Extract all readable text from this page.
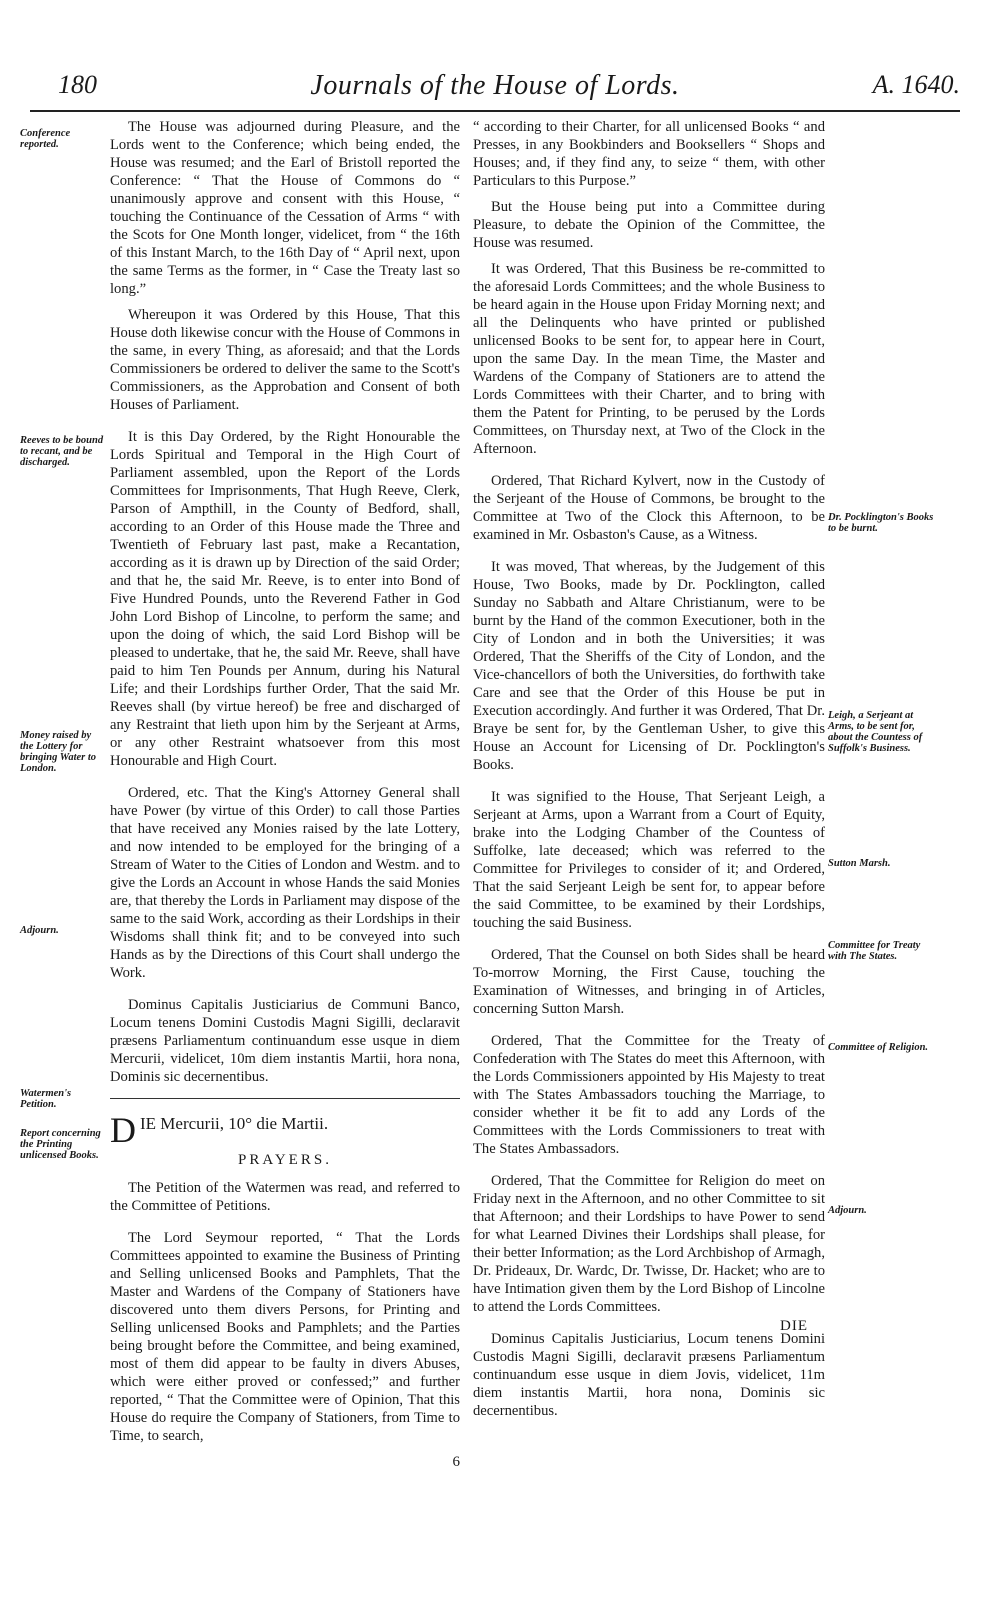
180	Journals of the House of Lords.	A. 1640.
Conference reported.
Reeves to be bound to recant, and be discharged.
Money raised by the Lottery for bringing Water to London.
Adjourn.
Watermen's Petition.
Report concerning the Printing unlicensed Books.
Dr. Pocklington's Books to be burnt.
Leigh, a Serjeant at Arms, to be sent for, about the Countess of Suffolk's Business.
Sutton Marsh.
Committee for Treaty with The States.
Committee of Religion.
Adjourn.

The House was adjourned during Pleasure, and the Lords went to the Conference; which being ended, the House was resumed; and the Earl of Bristoll reported the Conference: “ That the House of Commons do “ unanimously approve and consent with this House, “ touching the Continuance of the Cessation of Arms “ with the Scots for One Month longer, videlicet, from “ the 16th of this Instant March, to the 16th Day of “ April next, upon the same Terms as the former, in “ Case the Treaty last so long.”

Whereupon it was Ordered by this House, That this House doth likewise concur with the House of Commons in the same, in every Thing, as aforesaid; and that the Lords Commissioners be ordered to deliver the same to the Scott's Commissioners, as the Approbation and Consent of both Houses of Parliament.

It is this Day Ordered, by the Right Honourable the Lords Spiritual and Temporal in the High Court of Parliament assembled, upon the Report of the Lords Committees for Imprisonments, That Hugh Reeve, Clerk, Parson of Ampthill, in the County of Bedford, shall, according to an Order of this House made the Three and Twentieth of February last past, make a Recantation, according as it is drawn up by Direction of the said Order; and that he, the said Mr. Reeve, is to enter into Bond of Five Hundred Pounds, unto the Reverend Father in God John Lord Bishop of Lincolne, to perform the same; and upon the doing of which, the said Lord Bishop will be pleased to undertake, that he, the said Mr. Reeve, shall have paid to him Ten Pounds per Annum, during his Natural Life; and their Lordships further Order, That the said Mr. Reeves shall (by virtue hereof) be free and discharged of any Restraint that lieth upon him by the Serjeant at Arms, or any other Restraint whatsoever from this most Honourable and High Court.

Ordered, etc. That the King's Attorney General shall have Power (by virtue of this Order) to call those Parties that have received any Monies raised by the late Lottery, and now intended to be employed for the bringing of a Stream of Water to the Cities of London and Westm. and to give the Lords an Account in whose Hands the said Monies are, that thereby the Lords in Parliament may dispose of the same to the said Work, according as their Lordships in their Wisdoms shall think fit; and to be conveyed into such Hands as by the Directions of this Court shall undergo the Work.

Dominus Capitalis Justiciarius de Communi Banco, Locum tenens Domini Custodis Magni Sigilli, declaravit præsens Parliamentum continuandum esse usque in diem Mercurii, videlicet, 10m diem instantis Martii, hora nona, Dominis sic decernentibus.

D IE Mercurii, 10° die Martii.
PRAYERS.

The Petition of the Watermen was read, and referred to the Committee of Petitions.

The Lord Seymour reported, “ That the Lords Committees appointed to examine the Business of Printing and Selling unlicensed Books and Pamphlets, That the Master and Wardens of the Company of Stationers have discovered unto them divers Persons, for Printing and Selling unlicensed Books and Pamphlets; and the Parties being brought before the Committee, and being examined, most of them did appear to be faulty in divers Abuses, which were either proved or confessed;” and further reported, “ That the Committee were of Opinion, That this House do require the Company of Stationers, from Time to Time, to search,

6

“ according to their Charter, for all unlicensed Books “ and Presses, in any Bookbinders and Booksellers “ Shops and Houses; and, if they find any, to seize “ them, with other Particulars to this Purpose.”

But the House being put into a Committee during Pleasure, to debate the Opinion of the Committee, the House was resumed.

It was Ordered, That this Business be re-committed to the aforesaid Lords Committees; and the whole Business to be heard again in the House upon Friday Morning next; and all the Delinquents who have printed or published unlicensed Books to be sent for, to appear here in Court, upon the same Day. In the mean Time, the Master and Wardens of the Company of Stationers are to attend the Lords Committees with their Charter, and to bring with them the Patent for Printing, to be perused by the Lords Committees, on Thursday next, at Two of the Clock in the Afternoon.

Ordered, That Richard Kylvert, now in the Custody of the Serjeant of the House of Commons, be brought to the Committee at Two of the Clock this Afternoon, to be examined in Mr. Osbaston's Cause, as a Witness.

It was moved, That whereas, by the Judgement of this House, Two Books, made by Dr. Pocklington, called Sunday no Sabbath and Altare Christianum, were to be burnt by the Hand of the common Executioner, both in the City of London and in both the Universities; it was Ordered, That the Sheriffs of the City of London, and the Vice-chancellors of both the Universities, do forthwith take Care and see that the Order of this House be put in Execution accordingly. And further it was Ordered, That Dr. Braye be sent for, by the Gentleman Usher, to give this House an Account for Licensing of Dr. Pocklington's Books.

It was signified to the House, That Serjeant Leigh, a Serjeant at Arms, upon a Warrant from a Court of Equity, brake into the Lodging Chamber of the Countess of Suffolke, late deceased; which was referred to the Committee for Privileges to consider of it; and Ordered, That the said Serjeant Leigh be sent for, to appear before the said Committee, to be examined by their Lordships, touching the said Business.

Ordered, That the Counsel on both Sides shall be heard To-morrow Morning, the First Cause, touching the Examination of Witnesses, and bringing in of Articles, concerning Sutton Marsh.

Ordered, That the Committee for the Treaty of Confederation with The States do meet this Afternoon, with the Lords Commissioners appointed by His Majesty to treat with The States Ambassadors touching the Marriage, to consider whether it be fit to add any Lords of the Committees with the Lords Commissioners to treat with The States Ambassadors.

Ordered, That the Committee for Religion do meet on Friday next in the Afternoon, and no other Committee to sit that Afternoon; and their Lordships to have Power to send for what Learned Divines their Lordships shall please, for their better Information; as the Lord Archbishop of Armagh, Dr. Prideaux, Dr. Wardc, Dr. Twisse, Dr. Hacket; who are to have Intimation given them by the Lord Bishop of Lincolne to attend the Lords Committees.

Dominus Capitalis Justiciarius, Locum tenens Domini Custodis Magni Sigilli, declaravit præsens Parliamentum continuandum esse usque in diem Jovis, videlicet, 11m diem instantis Martii, hora nona, Dominis sic decernentibus.

DIE
